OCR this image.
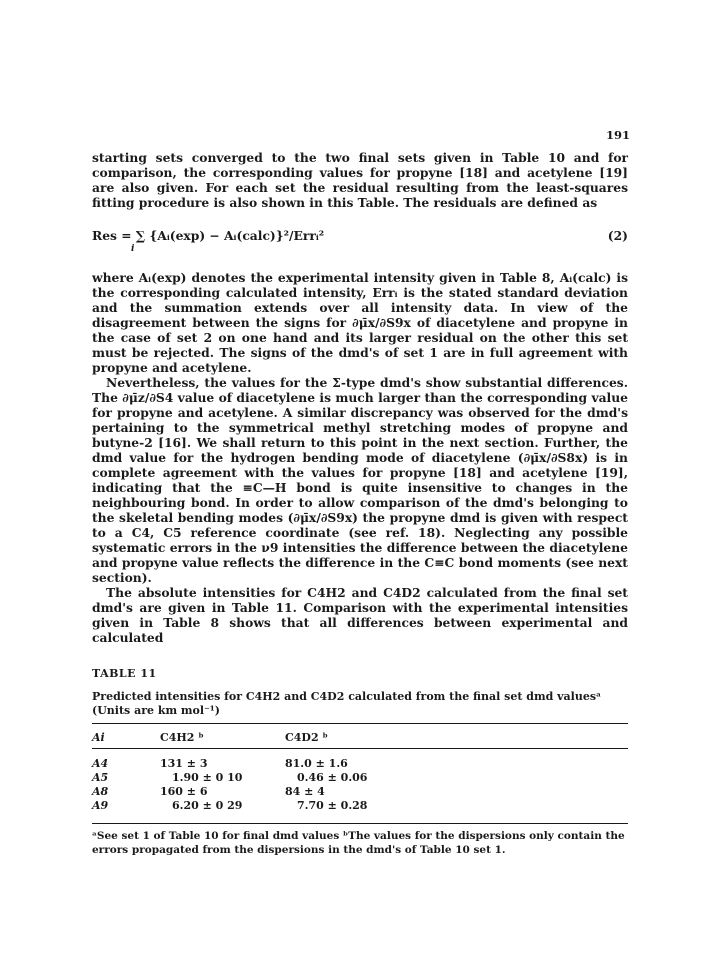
191

starting sets converged to the two final sets given in Table 10 and for comparison, the corresponding values for propyne [18] and acetylene [19] are also given. For each set the residual resulting from the least-squares fitting procedure is also shown in this Table. The residuals are defined as

Res = ∑ {Aᵢ(exp) − Aᵢ(calc)}²/Errᵢ²
i
(2)

where Aᵢ(exp) denotes the experimental intensity given in Table 8, Aᵢ(calc) is the corresponding calculated intensity, Errᵢ is the stated standard deviation and the summation extends over all intensity data. In view of the disagreement between the signs for ∂μ̄x/∂S9x of diacetylene and propyne in the case of set 2 on one hand and its larger residual on the other this set must be rejected. The signs of the dmd's of set 1 are in full agreement with propyne and acetylene.

Nevertheless, the values for the Σ-type dmd's show substantial differences. The ∂μ̄z/∂S4 value of diacetylene is much larger than the corresponding value for propyne and acetylene. A similar discrepancy was observed for the dmd's pertaining to the symmetrical methyl stretching modes of propyne and butyne-2 [16]. We shall return to this point in the next section. Further, the dmd value for the hydrogen bending mode of diacetylene (∂μ̄x/∂S8x) is in complete agreement with the values for propyne [18] and acetylene [19], indicating that the ≡C—H bond is quite insensitive to changes in the neighbouring bond. In order to allow comparison of the dmd's belonging to the skeletal bending modes (∂μ̄x/∂S9x) the propyne dmd is given with respect to a C4, C5 reference coordinate (see ref. 18). Neglecting any possible systematic errors in the ν9 intensities the difference between the diacetylene and propyne value reflects the difference in the C≡C bond moments (see next section).

The absolute intensities for C4H2 and C4D2 calculated from the final set dmd's are given in Table 11. Comparison with the experimental intensities given in Table 8 shows that all differences between experimental and calculated

TABLE 11
Predicted intensities for C4H2 and C4D2 calculated from the final set dmd valuesᵃ (Units are km mol⁻¹)
Ai	C4H2 ᵇ	C4D2 ᵇ
A4	131 ± 3	81.0 ± 1.6
A5	1.90 ± 0 10	0.46 ± 0.06
A8	160 ± 6	84 ± 4
A9	6.20 ± 0 29	7.70 ± 0.28
ᵃSee set 1 of Table 10 for final dmd values ᵇThe values for the dispersions only contain the errors propagated from the dispersions in the dmd's of Table 10 set 1.
